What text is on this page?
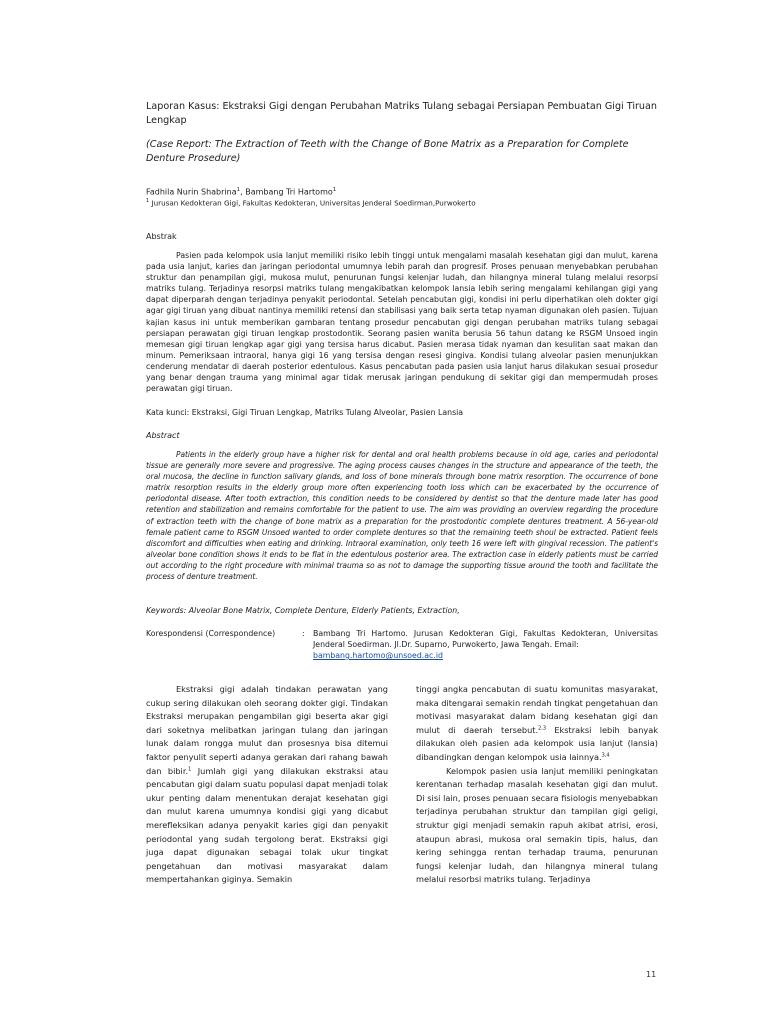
Laporan Kasus: Ekstraksi Gigi dengan Perubahan Matriks Tulang sebagai Persiapan Pembuatan Gigi Tiruan Lengkap
(Case Report: The Extraction of Teeth with the Change of Bone Matrix as a Preparation for Complete Denture Prosedure)
Fadhila Nurin Shabrina$^1$, Bambang Tri Hartomo$^1$
$^1$ Jurusan Kedokteran Gigi, Fakultas Kedokteran, Universitas Jenderal Soedirman,Purwokerto
Abstrak

Pasien pada kelompok usia lanjut memiliki risiko lebih tinggi untuk mengalami masalah kesehatan gigi dan mulut, karena pada usia lanjut, karies dan jaringan periodontal umumnya lebih parah dan progresif. Proses penuaan menyebabkan perubahan struktur dan penampilan gigi, mukosa mulut, penurunan fungsi kelenjar ludah, dan hilangnya mineral tulang melalui resorpsi matriks tulang. Terjadinya resorpsi matriks tulang mengakibatkan kelompok lansia lebih sering mengalami kehilangan gigi yang dapat diperparah dengan terjadinya penyakit periodontal. Setelah pencabutan gigi, kondisi ini perlu diperhatikan oleh dokter gigi agar gigi tiruan yang dibuat nantinya memiliki retensi dan stabilisasi yang baik serta tetap nyaman digunakan oleh pasien. Tujuan kajian kasus ini untuk memberikan gambaran tentang prosedur pencabutan gigi dengan perubahan matriks tulang sebagai persiapan perawatan gigi tiruan lengkap prostodontik. Seorang pasien wanita berusia 56 tahun datang ke RSGM Unsoed ingin memesan gigi tiruan lengkap agar gigi yang tersisa harus dicabut. Pasien merasa tidak nyaman dan kesulitan saat makan dan minum. Pemeriksaan intraoral, hanya gigi 16 yang tersisa dengan resesi gingiva. Kondisi tulang alveolar pasien menunjukkan cenderung mendatar di daerah posterior edentulous. Kasus pencabutan pada pasien usia lanjut harus dilakukan sesuai prosedur yang benar dengan trauma yang minimal agar tidak merusak jaringan pendukung di sekitar gigi dan mempermudah proses perawatan gigi tiruan.

Kata kunci: Ekstraksi, Gigi Tiruan Lengkap, Matriks Tulang Alveolar, Pasien Lansia
Abstract

Patients in the elderly group have a higher risk for dental and oral health problems because in old age, caries and periodontal tissue are generally more severe and progressive. The aging process causes changes in the structure and appearance of the teeth, the oral mucosa, the decline in function salivary glands, and loss of bone minerals through bone matrix resorption. The occurrence of bone matrix resorption results in the elderly group more often experiencing tooth loss which can be exacerbated by the occurrence of periodontal disease. After tooth extraction, this condition needs to be considered by dentist so that the denture made later has good retention and stabilization and remains comfortable for the patient to use. The aim was providing an overview regarding the procedure of extraction teeth with the change of bone matrix as a preparation for the prostodontic complete dentures treatment. A 56-year-old female patient came to RSGM Unsoed wanted to order complete dentures so that the remaining teeth shoul be extracted. Patient feels discomfort and difficulties when eating and drinking. Intraoral examination, only teeth 16 were left with gingival recession. The patient's alveolar bone condition shows it ends to be flat in the edentulous posterior area. The extraction case in elderly patients must be carried out according to the right procedure with minimal trauma so as not to damage the supporting tissue around the tooth and facilitate the process of denture treatment.

Keywords: Alveolar Bone Matrix, Complete Denture, Elderly Patients, Extraction,
Korespondensi (Correspondence)	: Bambang Tri Hartomo. Jurusan Kedokteran Gigi, Fakultas Kedokteran, Universitas Jenderal Soedirman. Jl.Dr. Suparno, Purwokerto, Jawa Tengah. Email:
bambang.hartomo@unsoed.ac.id

Ekstraksi gigi adalah tindakan perawatan yang cukup sering dilakukan oleh seorang dokter gigi. Tindakan Ekstraksi merupakan pengambilan gigi beserta akar gigi dari soketnya melibatkan jaringan tulang dan jaringan lunak dalam rongga mulut dan prosesnya bisa ditemui faktor penyulit seperti adanya gerakan dari rahang bawah dan bibir.$^1$ Jumlah gigi yang dilakukan ekstraksi atau pencabutan gigi dalam suatu populasi dapat menjadi tolak ukur penting dalam menentukan derajat kesehatan gigi dan mulut karena umumnya kondisi gigi yang dicabut merefleksikan adanya penyakit karies gigi dan penyakit periodontal yang sudah tergolong berat. Ekstraksi gigi juga dapat digunakan sebagai tolak ukur tingkat pengetahuan dan motivasi masyarakat dalam mempertahankan giginya. Semakin

tinggi angka pencabutan di suatu komunitas masyarakat, maka ditengarai semakin rendah tingkat pengetahuan dan motivasi masyarakat dalam bidang kesehatan gigi dan mulut di daerah tersebut.$^{2,3}$ Ekstraksi lebih banyak dilakukan oleh pasien ada kelompok usia lanjut (lansia) dibandingkan dengan kelompok usia lainnya.$^{3,4}$

Kelompok pasien usia lanjut memiliki peningkatan kerentanan terhadap masalah kesehatan gigi dan mulut. Di sisi lain, proses penuaan secara fisiologis menyebabkan terjadinya perubahan struktur dan tampilan gigi geligi, struktur gigi menjadi semakin rapuh akibat atrisi, erosi, ataupun abrasi, mukosa oral semakin tipis, halus, dan kering sehingga rentan terhadap trauma, penurunan fungsi kelenjar ludah, dan hilangnya mineral tulang melalui resorbsi matriks tulang. Terjadinya

11
